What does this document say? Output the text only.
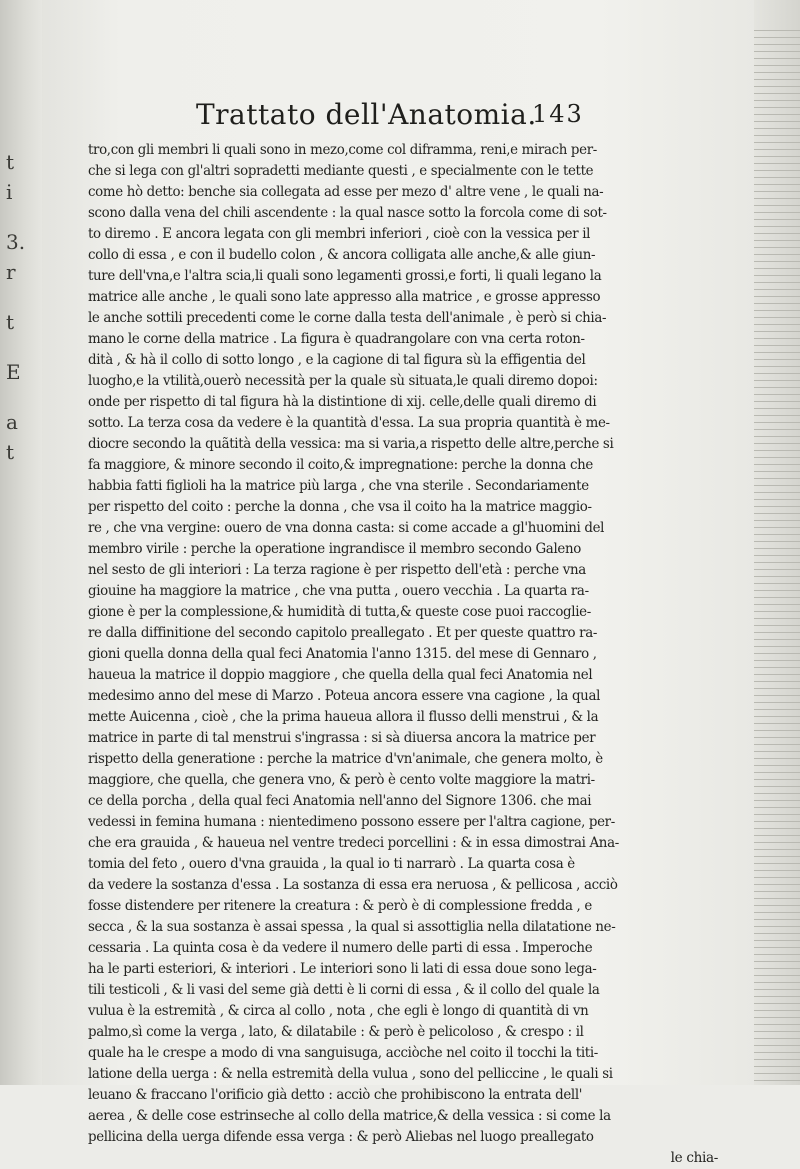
t
i
3.
r
t
E
a
t
Trattato dell'Anatomia.
143
tro,con gli membri li quali sono in mezo,come col diframma, reni,e mirach per-
che si lega con gl'altri sopradetti mediante questi , e specialmente con le tette
come hò detto: benche sia collegata ad esse per mezo d' altre vene , le quali na-
scono dalla vena del chili ascendente : la qual nasce sotto la forcola come di sot-
to diremo . E ancora legata con gli membri inferiori , cioè con la vessica per il
collo di essa , e con il budello colon , & ancora colligata alle anche,& alle giun-
ture dell'vna,e l'altra scia,li quali sono legamenti grossi,e forti, li quali legano la
matrice alle anche , le quali sono late appresso alla matrice , e grosse appresso
le anche sottili precedenti come le corne dalla testa dell'animale , è però si chia-
mano le corne della matrice . La figura è quadrangolare con vna certa roton-
dità , & hà il collo di sotto longo , e la cagione di tal figura sù la effigentia del
luogho,e la vtilità,ouerò necessità per la quale sù situata,le quali diremo dopoi:
onde per rispetto di tal figura hà la distintione di xij. celle,delle quali diremo di
sotto. La terza cosa da vedere è la quantità d'essa. La sua propria quantità è me-
diocre secondo la quãtità della vessica: ma si varia,a rispetto delle altre,perche si
fa maggiore, & minore secondo il coito,& impregnatione: perche la donna che
habbia fatti figlioli ha la matrice più larga , che vna sterile . Secondariamente
per rispetto del coito : perche la donna , che vsa il coito ha la matrice maggio-
re , che vna vergine: ouero de vna donna casta: si come accade a gl'huomini del
membro virile : perche la operatione ingrandisce il membro secondo Galeno
nel sesto de gli interiori : La terza ragione è per rispetto dell'età : perche vna
giouine ha maggiore la matrice , che vna putta , ouero vecchia . La quarta ra-
gione è per la complessione,& humidità di tutta,& queste cose puoi raccoglie-
re dalla diffinitione del secondo capitolo preallegato . Et per queste quattro ra-
gioni quella donna della qual feci Anatomia l'anno 1315. del mese di Gennaro ,
haueua la matrice il doppio maggiore , che quella della qual feci Anatomia nel
medesimo anno del mese di Marzo . Poteua ancora essere vna cagione , la qual
mette Auicenna , cioè , che la prima haueua allora il flusso delli menstrui , & la
matrice in parte di tal menstrui s'ingrassa : si sà diuersa ancora la matrice per
rispetto della generatione : perche la matrice d'vn'animale, che genera molto, è
maggiore, che quella, che genera vno, & però è cento volte maggiore la matri-
ce della porcha , della qual feci Anatomia nell'anno del Signore 1306. che mai
vedessi in femina humana : nientedimeno possono essere per l'altra cagione, per-
che era grauida , & haueua nel ventre tredeci porcellini : & in essa dimostrai Ana-
tomia del feto , ouero d'vna grauida , la qual io ti narrarò . La quarta cosa è
da vedere la sostanza d'essa . La sostanza di essa era neruosa , & pellicosa , acciò
fosse distendere per ritenere la creatura : & però è di complessione fredda , e
secca , & la sua sostanza è assai spessa , la qual si assottiglia nella dilatatione ne-
cessaria . La quinta cosa è da vedere il numero delle parti di essa . Imperoche
ha le parti esteriori, & interiori . Le interiori sono li lati di essa doue sono lega-
tili testicoli , & li vasi del seme già detti è li corni di essa , & il collo del quale la
vulua è la estremità , & circa al collo , nota , che egli è longo di quantità di vn
palmo,sì come la verga , lato, & dilatabile : & però è pelicoloso , & crespo : il
quale ha le crespe a modo di vna sanguisuga, acciòche nel coito il tocchi la titi-
latione della uerga : & nella estremità della vulua , sono del pelliccine , le quali si
leuano & fraccano l'orificio già detto : acciò che prohibiscono la entrata dell'
aerea , & delle cose estrinseche al collo della matrice,& della vessica : si come la
pellicina della uerga difende essa verga : & però Aliebas nel luogo preallegato
le chia-
